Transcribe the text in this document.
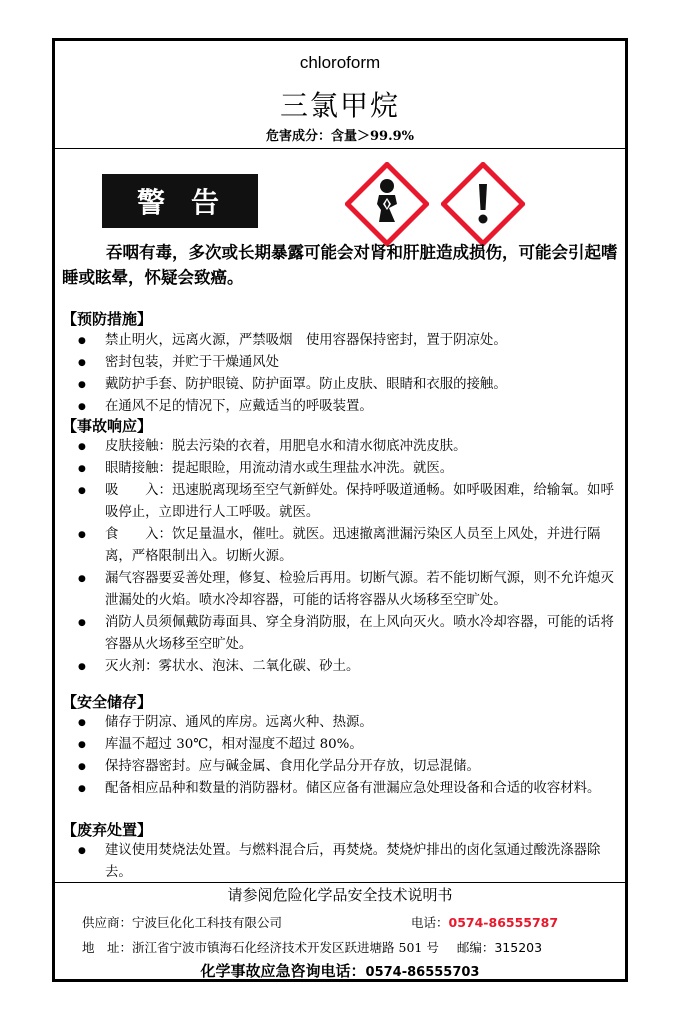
chloroform
三氯甲烷
危害成分：含量＞99.9%
警告
吞咽有毒，多次或长期暴露可能会对肾和肝脏造成损伤，可能会引起嗜睡或眩晕，怀疑会致癌。
【预防措施】
● 禁止明火，远离火源，严禁吸烟　使用容器保持密封，置于阴凉处。
● 密封包装，并贮于干燥通风处
● 戴防护手套、防护眼镜、防护面罩。防止皮肤、眼睛和衣服的接触。
● 在通风不足的情况下，应戴适当的呼吸装置。
【事故响应】
● 皮肤接触：脱去污染的衣着，用肥皂水和清水彻底冲洗皮肤。
● 眼睛接触：提起眼睑，用流动清水或生理盐水冲洗。就医。
● 吸　　入：迅速脱离现场至空气新鲜处。保持呼吸道通畅。如呼吸困难，给输氧。如呼吸停止，立即进行人工呼吸。就医。
● 食　　入：饮足量温水，催吐。就医。迅速撤离泄漏污染区人员至上风处，并进行隔离，严格限制出入。切断火源。
● 漏气容器要妥善处理，修复、检验后再用。切断气源。若不能切断气源，则不允许熄灭泄漏处的火焰。喷水冷却容器，可能的话将容器从火场移至空旷处。
● 消防人员须佩戴防毒面具、穿全身消防服，在上风向灭火。喷水冷却容器，可能的话将容器从火场移至空旷处。
● 灭火剂：雾状水、泡沫、二氧化碳、砂土。
【安全储存】
● 储存于阴凉、通风的库房。远离火种、热源。
● 库温不超过 30℃，相对湿度不超过 80%。
● 保持容器密封。应与碱金属、食用化学品分开存放，切忌混储。
● 配备相应品种和数量的消防器材。储区应备有泄漏应急处理设备和合适的收容材料。
【废弃处置】
● 建议使用焚烧法处置。与燃料混合后，再焚烧。焚烧炉排出的卤化氢通过酸洗涤器除去。
请参阅危险化学品安全技术说明书
供应商：宁波巨化化工科技有限公司	电话：0574-86555787
地　址：浙江省宁波市镇海石化经济技术开发区跃进塘路 501 号 邮编：315203
化学事故应急咨询电话：0574-86555703
